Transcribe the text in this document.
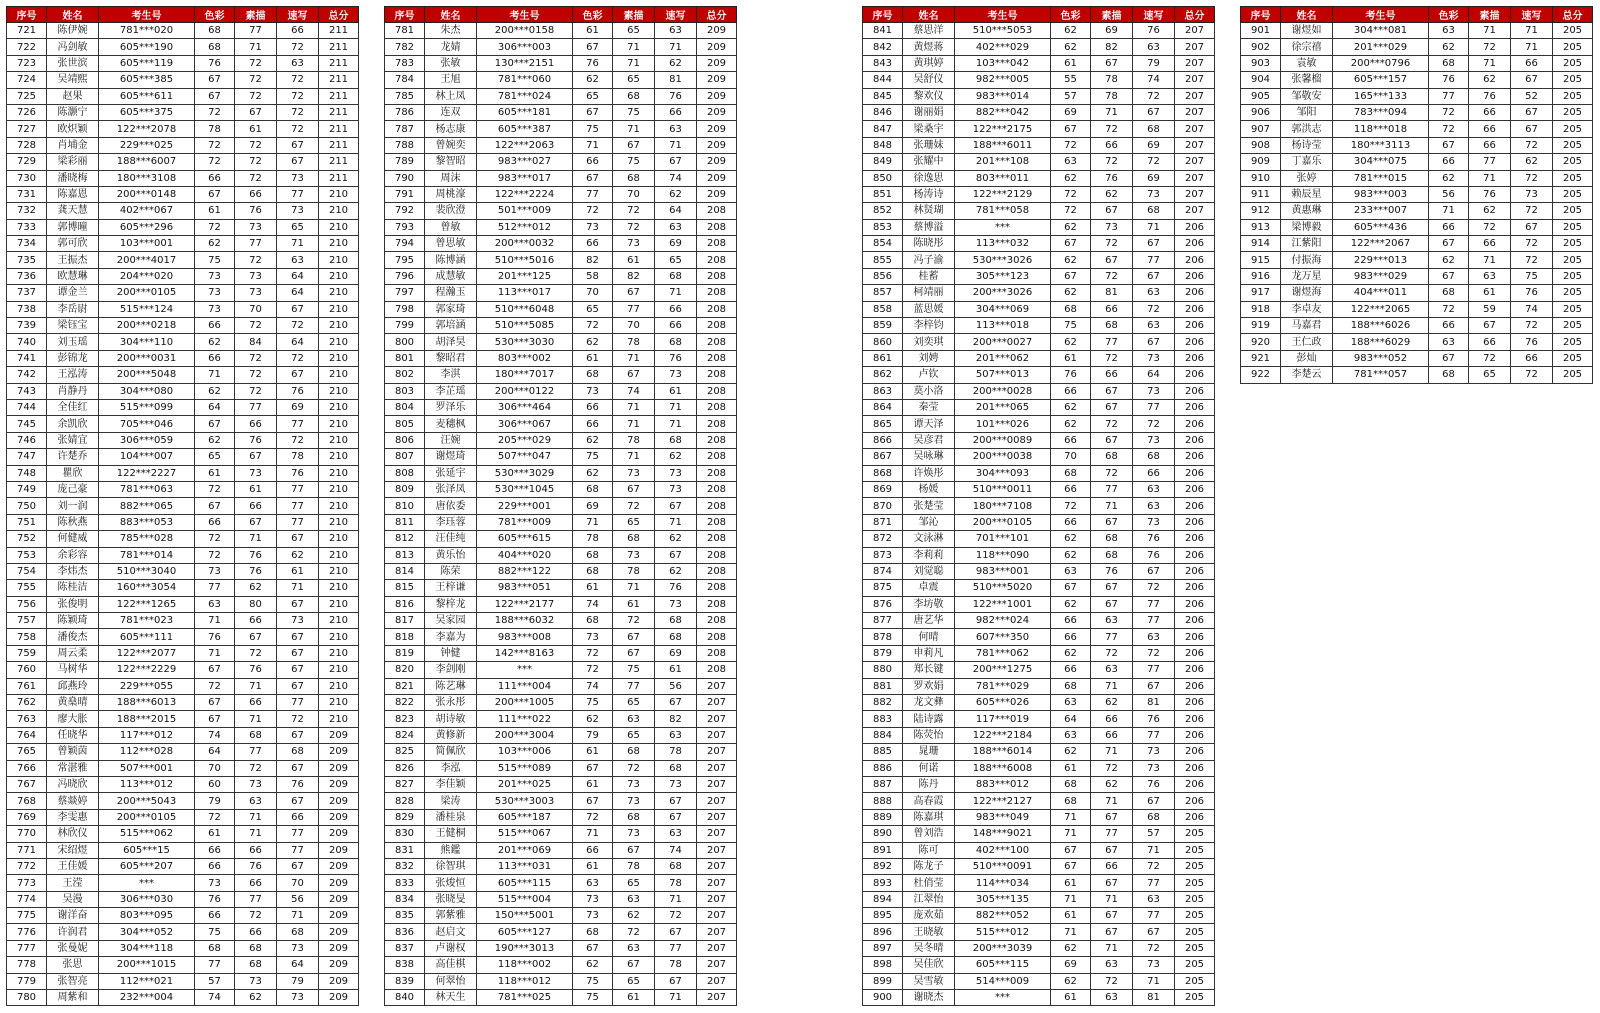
序号	姓名	考生号	色彩	素描	速写	总分
721	陈伊婉	781***020	68	77	66	211
722	冯剑敏	605***190	68	71	72	211
723	张世滨	605***119	76	72	63	211
724	吴靖熙	605***385	67	72	72	211
725	赵果	605***611	67	72	72	211
726	陈灏宁	605***375	72	67	72	211
727	欧炽颖	122***2078	78	61	72	211
728	肖埔金	229***025	72	72	67	211
729	梁彩丽	188***6007	72	72	67	211
730	潘晓梅	180***3108	66	72	73	211
731	陈嘉恩	200***0148	67	66	77	210
732	龚天慧	402***067	61	76	73	210
733	郭博曈	605***296	72	73	65	210
734	郭可欣	103***001	62	77	71	210
735	王振杰	200***4017	75	72	63	210
736	欧慧琳	204***020	73	73	64	210
737	谭金兰	200***0105	73	73	64	210
738	李岳尉	515***124	73	70	67	210
739	梁钰宝	200***0218	66	72	72	210
740	刘玉瑶	304***110	62	84	64	210
741	彭锦龙	200***0031	66	72	72	210
742	王泓涛	200***5048	71	72	67	210
743	肖静丹	304***080	62	72	76	210
744	全佳红	515***099	64	77	69	210
745	余凯欣	705***046	67	66	77	210
746	张婧宜	306***059	62	76	72	210
747	许楚乔	104***007	65	67	78	210
748	瞿欣	122***2227	61	73	76	210
749	庞己豪	781***063	72	61	77	210
750	刘一润	882***065	67	66	77	210
751	陈秋燕	883***053	66	67	77	210
752	何健威	785***028	72	71	67	210
753	余彩容	781***014	72	76	62	210
754	李炜杰	510***3040	73	76	61	210
755	陈桂洁	160***3054	77	62	71	210
756	张俊明	122***1265	63	80	67	210
757	陈颖琦	781***023	71	66	73	210
758	潘俊杰	605***111	76	67	67	210
759	周云柔	122***2077	71	72	67	210
760	马树华	122***2229	67	76	67	210
761	邱燕玲	229***055	72	71	67	210
762	黄燊晴	188***6013	67	66	77	210
763	廖大胀	188***2015	67	71	72	210
764	任晓华	117***012	74	68	67	209
765	曾颖茵	112***028	64	77	68	209
766	常湛雅	507***001	70	72	67	209
767	冯晓欣	113***012	60	73	76	209
768	蔡燚婷	200***5043	79	63	67	209
769	李雯惠	200***0105	72	71	66	209
770	林欣仪	515***062	61	71	77	209
771	宋绍煜	605***15	66	66	77	209
772	王佳媛	605***207	66	76	67	209
773	王滢	***	73	66	70	209
774	吴漫	306***030	76	77	56	209
775	谢洋奋	803***095	66	72	71	209
776	许润君	304***052	75	66	68	209
777	张曼妮	304***118	68	68	73	209
778	张思	200***1015	77	68	64	209
779	张智亮	112***021	57	73	79	209
780	周紫和	232***004	74	62	73	209
序号	姓名	考生号	色彩	素描	速写	总分
781	朱杰	200***0158	61	65	63	209
782	龙婧	306***003	67	71	71	209
783	张敏	130***2151	76	71	62	209
784	王旭	781***060	62	65	81	209
785	林上凤	781***024	65	68	76	209
786	连双	605***181	67	75	66	209
787	杨志康	605***387	75	71	63	209
788	曾婉奕	122***2063	71	67	71	209
789	黎智昭	983***027	66	75	67	209
790	周沫	983***017	67	68	74	209
791	周桃濠	122***2224	77	70	62	209
792	裴欣澄	501***009	72	72	64	208
793	曾敏	512***012	73	72	63	208
794	曾思敏	200***0032	66	73	69	208
795	陈博涵	510***5016	82	61	65	208
796	成慧敏	201***125	58	82	68	208
797	程瀚玉	113***017	70	67	71	208
798	郭家琦	510***6048	65	77	66	208
799	郭培涵	510***5085	72	70	66	208
800	胡泽昊	530***3030	62	78	68	208
801	黎昭君	803***002	61	71	76	208
802	李淇	180***7017	68	67	73	208
803	李芷瑶	200***0122	73	74	61	208
804	罗泽乐	306***464	66	71	71	208
805	麦穗枫	306***067	66	71	71	208
806	汪婉	205***029	62	78	68	208
807	谢煜琦	507***047	75	71	62	208
808	张延宇	530***3029	62	73	73	208
809	张泽凤	530***1045	68	67	73	208
810	唐依委	229***001	69	72	67	208
811	李珏蓉	781***009	71	65	71	208
812	汪佳纯	605***615	78	68	62	208
813	黄乐怡	404***020	68	73	67	208
814	陈荣	882***122	68	78	62	208
815	王梓谦	983***051	61	71	76	208
816	黎梓龙	122***2177	74	61	73	208
817	吴家园	188***6032	68	72	68	208
818	李嘉为	983***008	73	67	68	208
819	钟健	142***8163	72	67	69	208
820	李剑刚	***	72	75	61	208
821	陈艺琳	111***004	74	77	56	207
822	张永彤	200***1005	75	65	67	207
823	胡诗敏	111***022	62	63	82	207
824	黄修新	200***3004	79	65	63	207
825	简佩欣	103***006	61	68	78	207
826	李泓	515***089	67	72	68	207
827	李佳颖	201***025	61	73	73	207
828	梁涛	530***3003	67	73	67	207
829	潘桂泉	605***187	72	68	67	207
830	王健桐	515***067	71	73	63	207
831	熊鑑	201***069	66	67	74	207
832	徐智琪	113***031	61	78	68	207
833	张焌恒	605***115	63	65	78	207
834	张晓旻	515***004	73	63	71	207
835	郭紫雅	150***5001	73	62	72	207
836	赵启文	605***127	68	72	67	207
837	卢谢权	190***3013	67	63	77	207
838	高佳棋	118***002	62	67	78	207
839	何翠怡	118***012	75	65	67	207
840	林天生	781***025	75	61	71	207
序号	姓名	考生号	色彩	素描	速写	总分
841	蔡思洋	510***5053	62	69	76	207
842	黄煜蒋	402***029	62	82	63	207
843	黄琪婷	103***042	61	67	79	207
844	吴舒仪	982***005	55	78	74	207
845	黎欢仪	983***014	57	78	72	207
846	谢丽娟	882***042	69	71	67	207
847	梁桑宇	122***2175	67	72	68	207
848	张珊妹	188***6011	72	66	69	207
849	张耀中	201***108	63	72	72	207
850	徐逸思	803***011	62	76	69	207
851	杨涛诗	122***2129	72	62	73	207
852	林贤瑚	781***058	72	67	68	207
853	蔡博溢	***	62	73	71	206
854	陈晓彤	113***032	67	72	67	206
855	冯子渝	530***3026	62	67	77	206
856	桂蓄	305***123	67	72	67	206
857	柯靖丽	200***3026	62	81	63	206
858	蓝思媛	304***069	68	66	72	206
859	李梓钧	113***018	75	68	63	206
860	刘奕琪	200***0027	62	77	67	206
861	刘娉	201***062	61	72	73	206
862	卢钦	507***013	76	66	64	206
863	莫小洛	200***0028	66	67	73	206
864	秦莹	201***065	62	67	77	206
865	谭天泽	101***026	62	72	72	206
866	吴彦君	200***0089	66	67	73	206
867	吴咏琳	200***0038	70	68	68	206
868	许焕彤	304***093	68	72	66	206
869	杨媛	510***0011	66	77	63	206
870	张楚莹	180***7108	72	71	63	206
871	邹沁	200***0105	66	67	73	206
872	文泳淋	701***101	62	68	76	206
873	李莉莉	118***090	62	68	76	206
874	刘觉聪	983***001	63	76	67	206
875	卓震	510***5020	67	67	72	206
876	李坊敬	122***1001	62	67	77	206
877	唐艺华	982***024	66	63	77	206
878	何晴	607***350	66	77	63	206
879	申莉凡	781***062	62	72	72	206
880	郑长键	200***1275	66	63	77	206
881	罗欢娟	781***029	68	71	67	206
882	龙文彝	605***026	63	62	81	206
883	陆诗露	117***019	64	66	76	206
884	陈荧怡	122***2184	63	66	77	206
885	晁珊	188***6014	62	71	73	206
886	何诺	188***6008	61	72	73	206
887	陈丹	883***012	68	62	76	206
888	高春霞	122***2127	68	71	67	206
889	陈嘉琪	983***049	71	67	68	206
890	曾刘浩	148***9021	71	77	57	205
891	陈可	402***100	67	67	71	205
892	陈龙子	510***0091	67	66	72	205
893	杜俏莹	114***034	61	67	77	205
894	江翠怡	305***135	71	71	63	205
895	庞欢茹	882***052	61	67	77	205
896	王晓敏	515***012	71	67	67	205
897	吴冬晴	200***3039	62	71	72	205
898	吴佳欣	605***115	69	63	73	205
899	吴雪敏	514***009	62	72	71	205
900	谢晓杰	***	61	63	81	205
序号	姓名	考生号	色彩	素描	速写	总分
901	谢煜如	304***081	63	71	71	205
902	徐宗禧	201***029	62	72	71	205
903	袁敏	200***0796	68	71	66	205
904	张馨榴	605***157	76	62	67	205
905	邹敬安	165***133	77	76	52	205
906	邹阳	783***094	72	66	67	205
907	郭洪志	118***018	72	66	67	205
908	杨诗莹	180***3113	67	66	72	205
909	丁嘉乐	304***075	66	77	62	205
910	张婷	781***015	62	71	72	205
911	赖辰星	983***003	56	76	73	205
912	黄惠琳	233***007	71	62	72	205
913	梁博毅	605***436	66	72	67	205
914	江紫阳	122***2067	67	66	72	205
915	付振海	229***013	62	71	72	205
916	龙万星	983***029	67	63	75	205
917	谢煜海	404***011	68	61	76	205
918	李卓友	122***2065	72	59	74	205
919	马嘉君	188***6026	66	67	72	205
920	王仁政	188***6029	63	66	76	205
921	彭灿	983***052	67	72	66	205
922	李楚云	781***057	68	65	72	205
